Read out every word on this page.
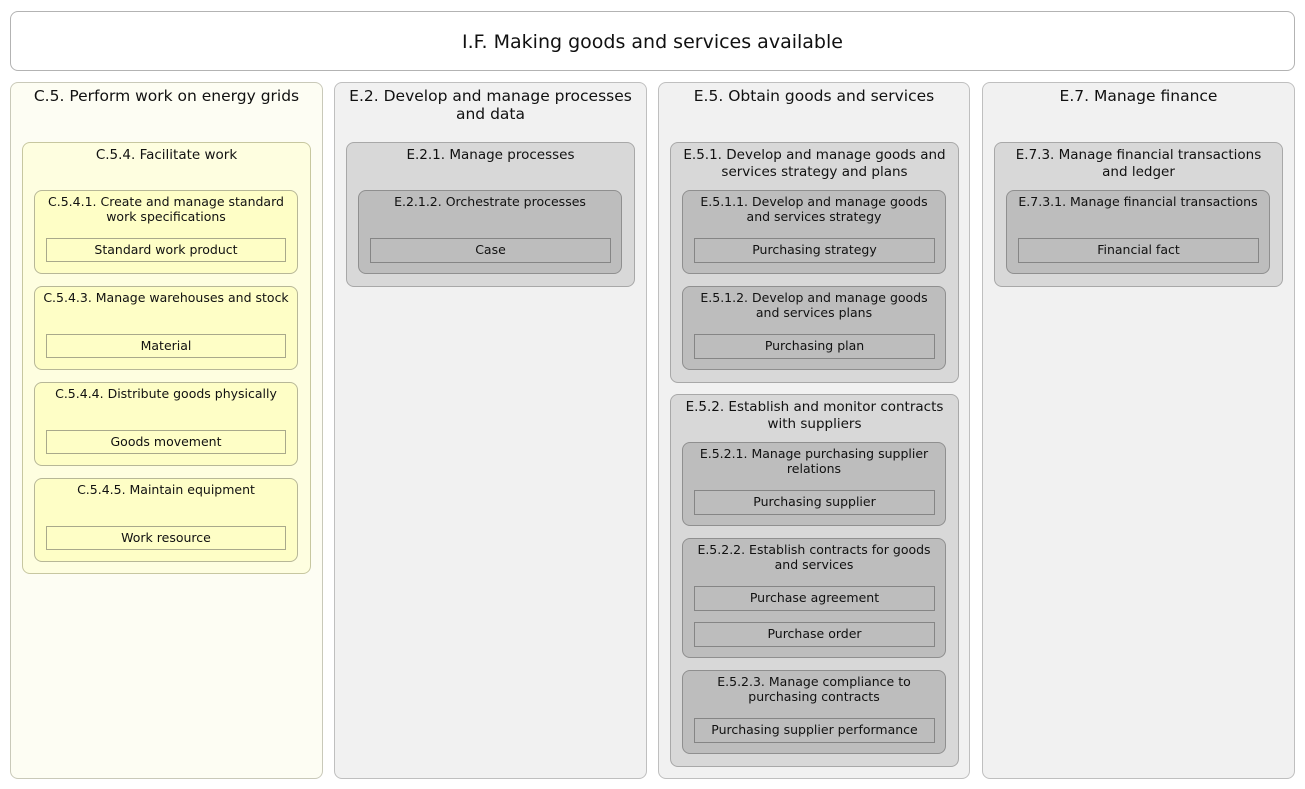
I.F. Making goods and services available
C.5. Perform work on energy grids
C.5.4. Facilitate work
C.5.4.1. Create and manage standard work specifications
Standard work product
C.5.4.3. Manage warehouses and stock
Material
C.5.4.4. Distribute goods physically
Goods movement
C.5.4.5. Maintain equipment
Work resource
E.2. Develop and manage processes and data
E.2.1. Manage processes
E.2.1.2. Orchestrate processes
Case
E.5. Obtain goods and services
E.5.1. Develop and manage goods and services strategy and plans
E.5.1.1. Develop and manage goods and services strategy
Purchasing strategy
E.5.1.2. Develop and manage goods and services plans
Purchasing plan
E.5.2. Establish and monitor contracts with suppliers
E.5.2.1. Manage purchasing supplier relations
Purchasing supplier
E.5.2.2. Establish contracts for goods and services
Purchase agreement
Purchase order
E.5.2.3. Manage compliance to purchasing contracts
Purchasing supplier performance
E.7. Manage finance
E.7.3. Manage financial transactions and ledger
E.7.3.1. Manage financial transactions
Financial fact
